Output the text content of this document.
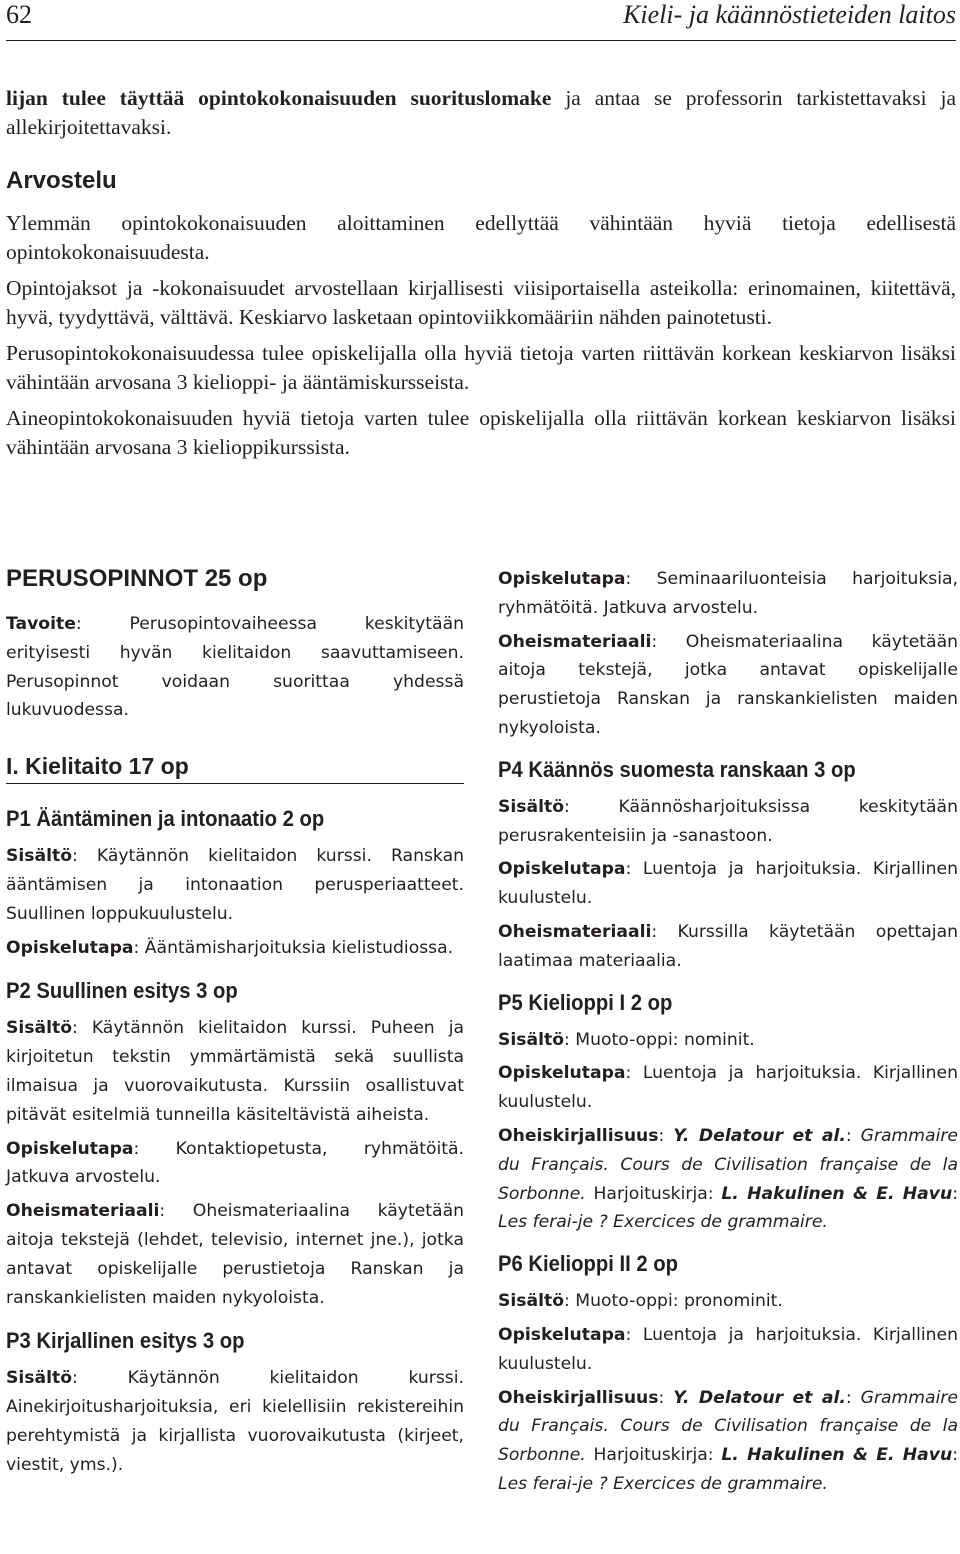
62	Kieli- ja käännöstieteiden laitos

lijan tulee täyttää opintokokonaisuuden suorituslomake ja antaa se professorin tarkistettavaksi ja allekirjoitettavaksi.

Arvostelu

Ylemmän opintokokonaisuuden aloittaminen edellyttää vähintään hyviä tietoja edellisestä opintokokonaisuudesta.

Opintojaksot ja -kokonaisuudet arvostellaan kirjallisesti viisiportaisella asteikolla: erinomainen, kiitettävä, hyvä, tyydyttävä, välttävä. Keskiarvo lasketaan opintoviikkomääriin nähden painotetusti.

Perusopintokokonaisuudessa tulee opiskelijalla olla hyviä tietoja varten riittävän korkean keskiarvon lisäksi vähintään arvosana 3 kielioppi- ja ääntämiskursseista.

Aineopintokokonaisuuden hyviä tietoja varten tulee opiskelijalla olla riittävän korkean keskiarvon lisäksi vähintään arvosana 3 kielioppikurssista.

PERUSOPINNOT 25 op

Tavoite: Perusopintovaiheessa keskitytään erityisesti hyvän kielitaidon saavuttamiseen. Perusopinnot voidaan suorittaa yhdessä lukuvuodessa.

I. Kielitaito 17 op
P1 Ääntäminen ja intonaatio 2 op

Sisältö: Käytännön kielitaidon kurssi. Ranskan ääntämisen ja intonaation perusperiaatteet. Suullinen loppukuulustelu.

Opiskelutapa: Ääntämisharjoituksia kielistudiossa.

P2 Suullinen esitys 3 op

Sisältö: Käytännön kielitaidon kurssi. Puheen ja kirjoitetun tekstin ymmärtämistä sekä suullista ilmaisua ja vuorovaikutusta. Kurssiin osallistuvat pitävät esitelmiä tunneilla käsiteltävistä aiheista.

Opiskelutapa: Kontaktiopetusta, ryhmätöitä. Jatkuva arvostelu.

Oheismateriaali: Oheismateriaalina käytetään aitoja tekstejä (lehdet, televisio, internet jne.), jotka antavat opiskelijalle perustietoja Ranskan ja ranskankielisten maiden nykyoloista.

P3 Kirjallinen esitys 3 op

Sisältö: Käytännön kielitaidon kurssi. Ainekirjoitusharjoituksia, eri kielellisiin rekistereihin perehtymistä ja kirjallista vuorovaikutusta (kirjeet, viestit, yms.).

Opiskelutapa: Seminaariluonteisia harjoituksia, ryhmätöitä. Jatkuva arvostelu.

Oheismateriaali: Oheismateriaalina käytetään aitoja tekstejä, jotka antavat opiskelijalle perustietoja Ranskan ja ranskankielisten maiden nykyoloista.

P4 Käännös suomesta ranskaan 3 op

Sisältö: Käännösharjoituksissa keskitytään perusrakenteisiin ja -sanastoon.

Opiskelutapa: Luentoja ja harjoituksia. Kirjallinen kuulustelu.

Oheismateriaali: Kurssilla käytetään opettajan laatimaa materiaalia.

P5 Kielioppi I 2 op

Sisältö: Muoto-oppi: nominit.

Opiskelutapa: Luentoja ja harjoituksia. Kirjallinen kuulustelu.

Oheiskirjallisuus: Y. Delatour et al.: Grammaire du Français. Cours de Civilisation française de la Sorbonne. Harjoituskirja: L. Hakulinen & E. Havu: Les ferai-je ? Exercices de grammaire.

P6 Kielioppi II 2 op

Sisältö: Muoto-oppi: pronominit.

Opiskelutapa: Luentoja ja harjoituksia. Kirjallinen kuulustelu.

Oheiskirjallisuus: Y. Delatour et al.: Grammaire du Français. Cours de Civilisation française de la Sorbonne. Harjoituskirja: L. Hakulinen & E. Havu: Les ferai-je ? Exercices de grammaire.
